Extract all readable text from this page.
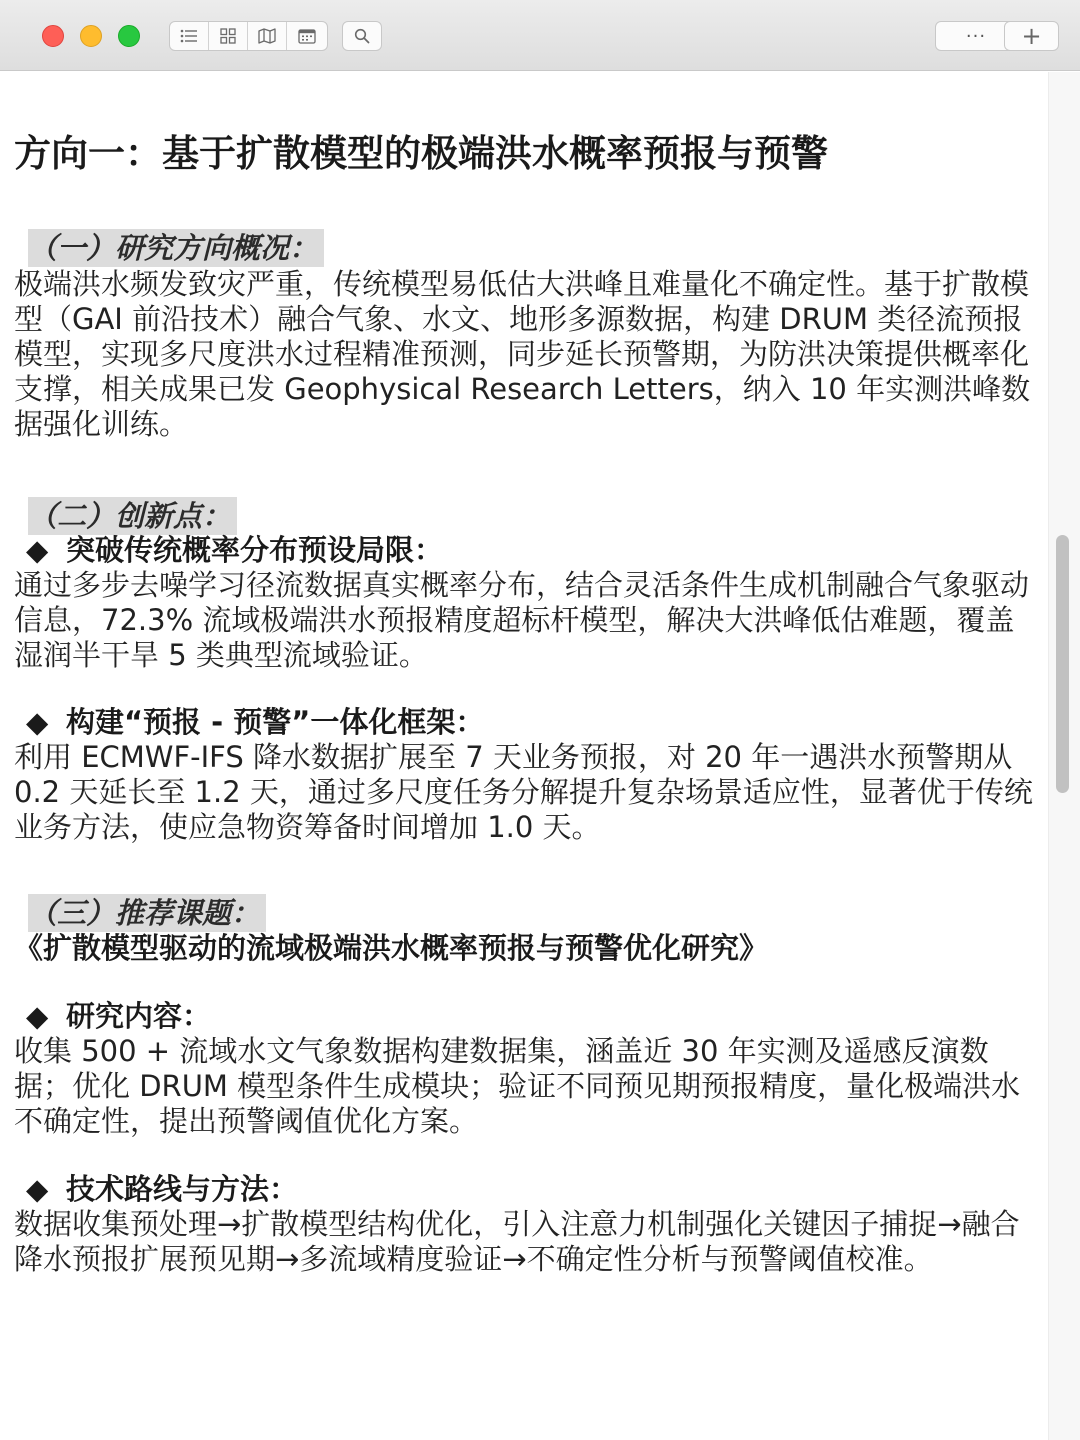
···	+
方向一：基于扩散模型的极端洪水概率预报与预警
（一）研究方向概况：

极端洪水频发致灾严重，传统模型易低估大洪峰且难量化不确定性。基于扩散模型（GAI 前沿技术）融合气象、水文、地形多源数据，构建 DRUM 类径流预报模型，实现多尺度洪水过程精准预测，同步延长预警期，为防洪决策提供概率化支撑，相关成果已发 Geophysical Research Letters，纳入 10 年实测洪峰数据强化训练。

（二）创新点：
◆ 突破传统概率分布预设局限：

通过多步去噪学习径流数据真实概率分布，结合灵活条件生成机制融合气象驱动信息，72.3% 流域极端洪水预报精度超标杆模型，解决大洪峰低估难题，覆盖湿润半干旱 5 类典型流域验证。

◆ 构建“预报 - 预警”一体化框架：

利用 ECMWF-IFS 降水数据扩展至 7 天业务预报，对 20 年一遇洪水预警期从 0.2 天延长至 1.2 天，通过多尺度任务分解提升复杂场景适应性，显著优于传统业务方法，使应急物资筹备时间增加 1.0 天。

（三）推荐课题：
《扩散模型驱动的流域极端洪水概率预报与预警优化研究》
◆ 研究内容：

收集 500 + 流域水文气象数据构建数据集，涵盖近 30 年实测及遥感反演数据；优化 DRUM 模型条件生成模块；验证不同预见期预报精度，量化极端洪水不确定性，提出预警阈值优化方案。

◆ 技术路线与方法：

数据收集预处理→扩散模型结构优化，引入注意力机制强化关键因子捕捉→融合降水预报扩展预见期→多流域精度验证→不确定性分析与预警阈值校准。
